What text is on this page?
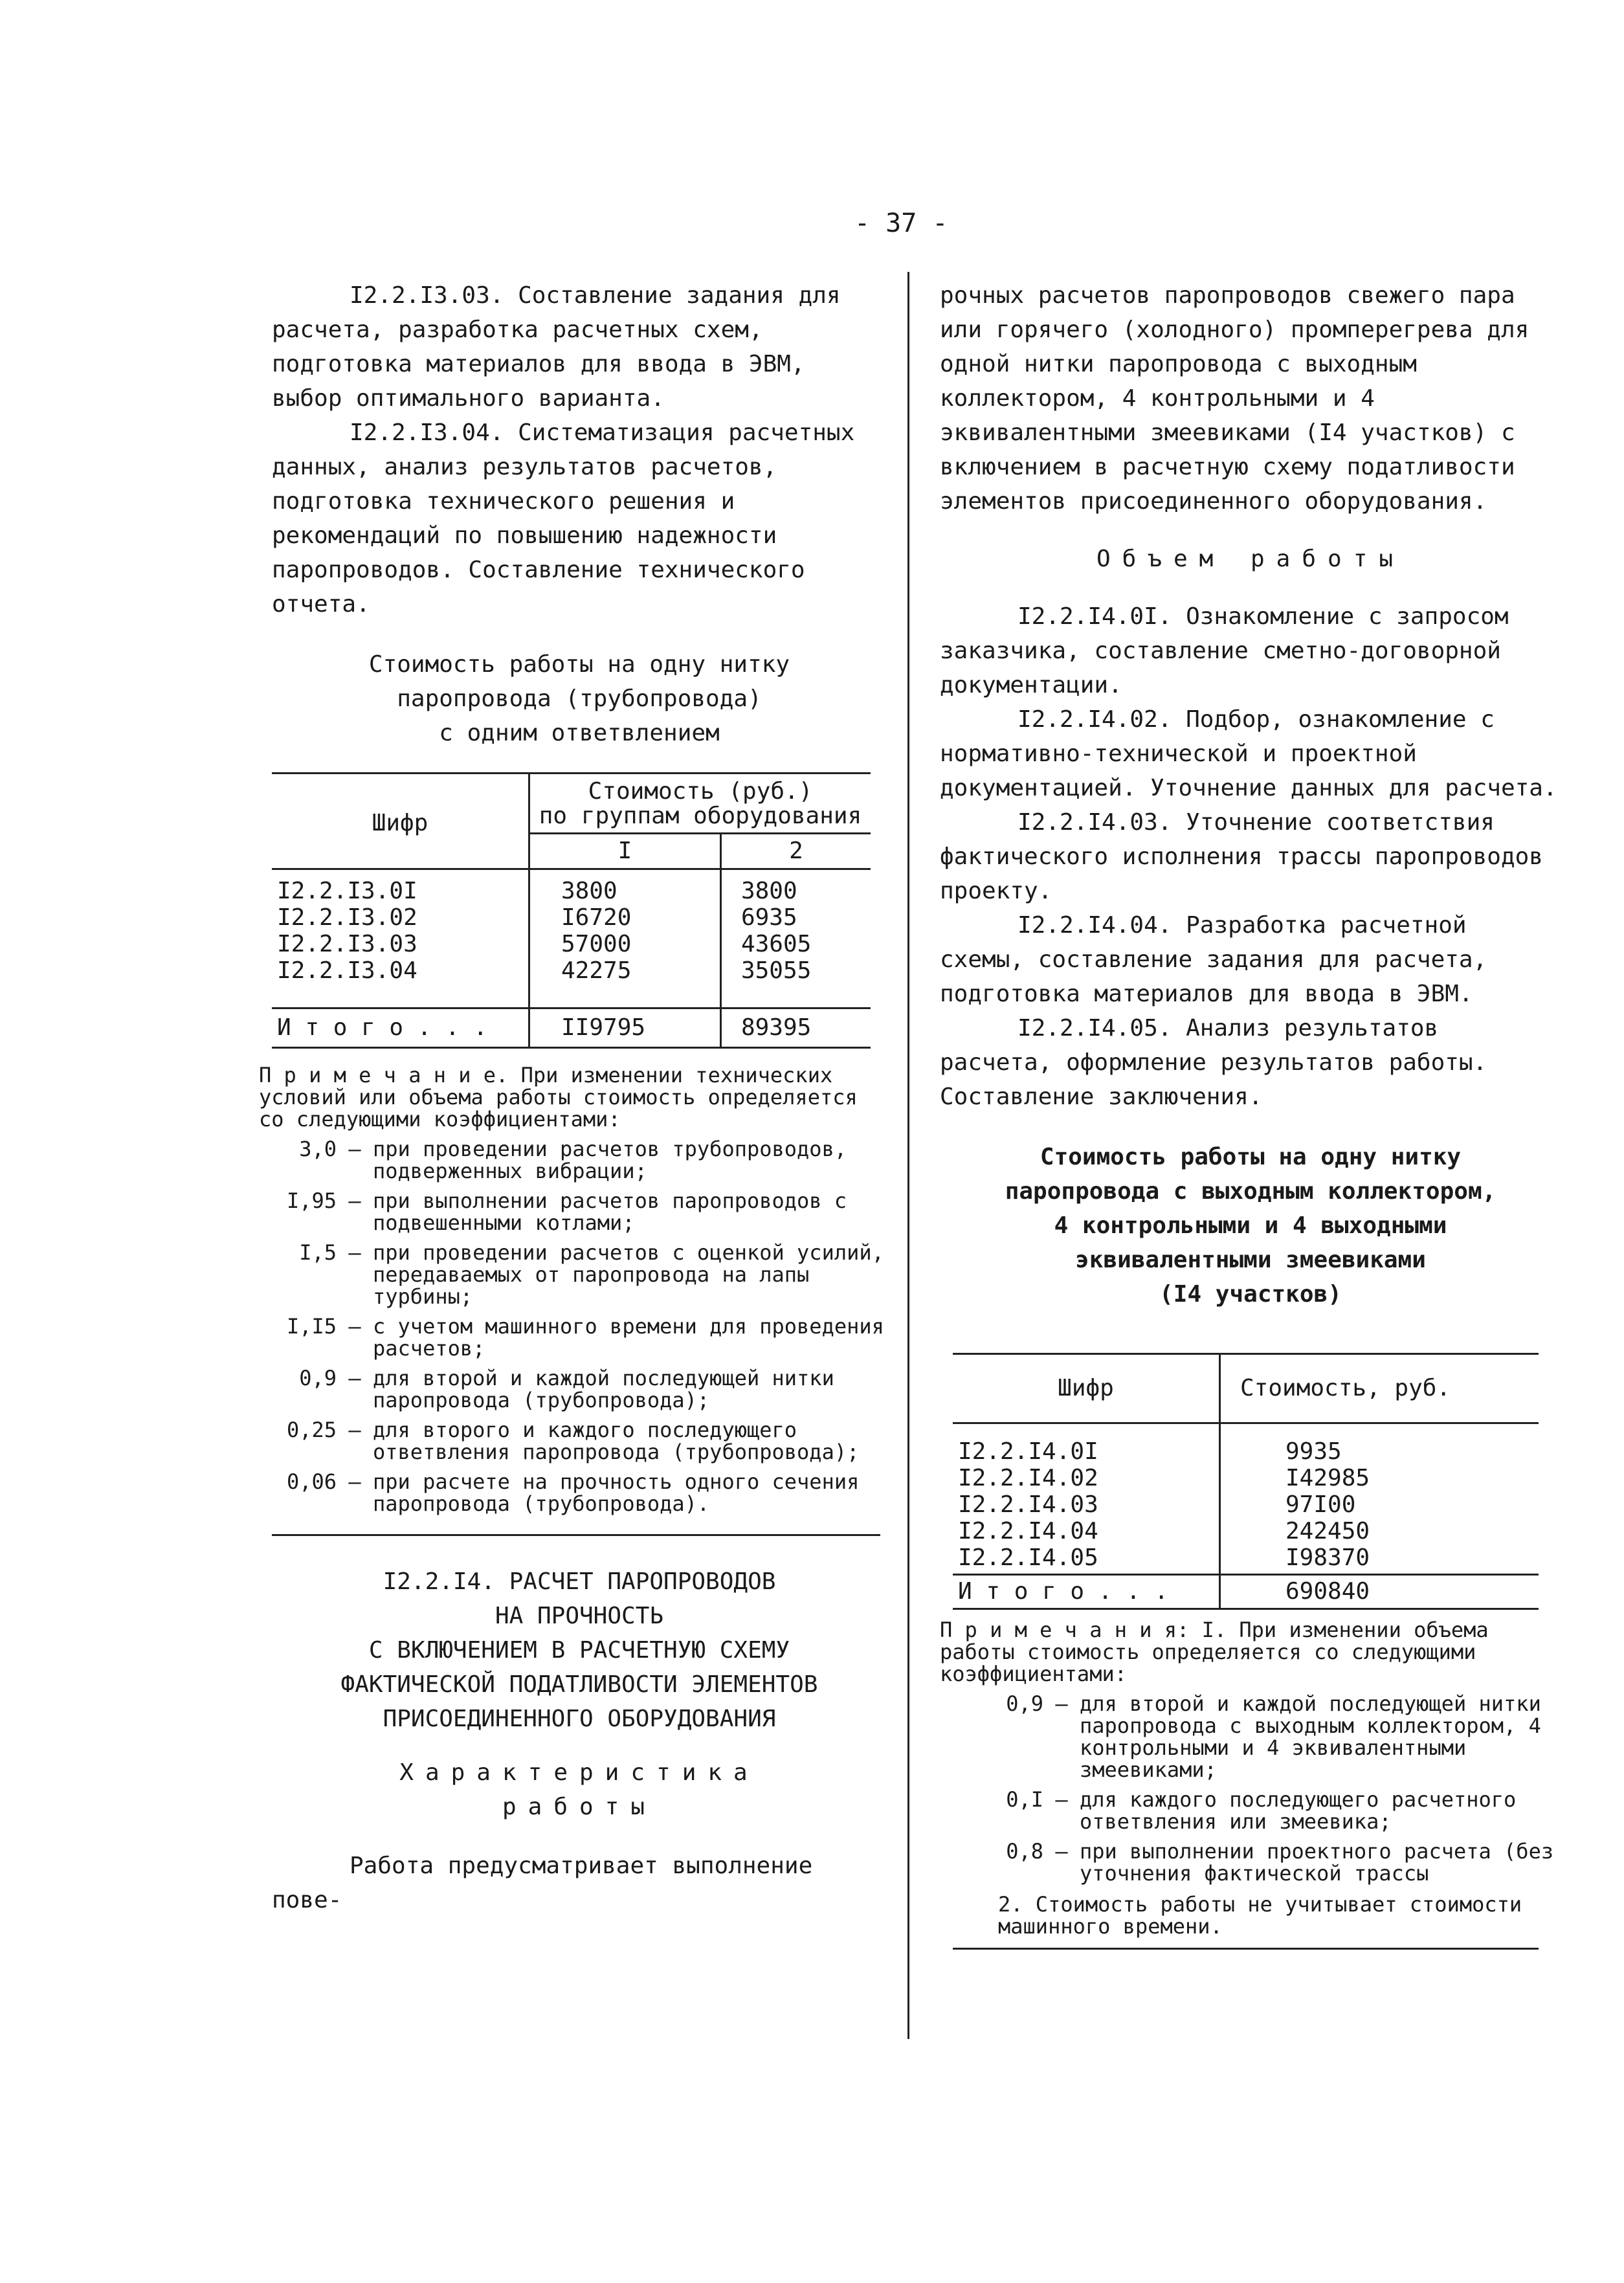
- 37 -

I2.2.I3.03. Составление задания для расчета, разработка расчетных схем, подготовка материалов для ввода в ЭВМ, выбор оптимального варианта.

I2.2.I3.04. Систематизация расчетных данных, анализ результатов расчетов, подготовка технического решения и рекомендаций по повышению надежности паропроводов. Составление технического отчета.

Стоимость работы на одну нитку

паропровода (трубопровода)

с одним ответвлением

Шифр	Стоимость (руб.)
по группам оборудования	

	I	2
I2.2.I3.0I	3800	3800
I2.2.I3.02	I6720	6935
I2.2.I3.03	57000	43605
I2.2.I3.04	42275	35055
И т о г о . . .	II9795	89395

П р и м е ч а н и е. При изменении технических условий или объема работы стоимость определяется со следующими коэффициентами:

3,0 – при проведении расчетов трубопроводов, подверженных вибрации;
I,95 – при выполнении расчетов паропроводов с подвешенными котлами;
I,5 – при проведении расчетов с оценкой усилий, передаваемых от паропровода на лапы турбины;
I,I5 – с учетом машинного времени для проведения расчетов;
0,9 – для второй и каждой последующей нитки паропровода (трубопровода);
0,25 – для второго и каждого последующего ответвления паропровода (трубопровода);
0,06 – при расчете на прочность одного сечения паропровода (трубопровода).

I2.2.I4. РАСЧЕТ ПАРОПРОВОДОВ

НА ПРОЧНОСТЬ

С ВКЛЮЧЕНИЕМ В РАСЧЕТНУЮ СХЕМУ

ФАКТИЧЕСКОЙ ПОДАТЛИВОСТИ ЭЛЕМЕНТОВ

ПРИСОЕДИНЕННОГО ОБОРУДОВАНИЯ

Характеристика

работы

Работа предусматривает выполнение пове-

рочных расчетов паропроводов свежего пара или горячего (холодного) промперегрева для одной нитки паропровода с выходным коллектором, 4 контрольными и 4 эквивалентными змеевиками (I4 участков) с включением в расчетную схему податливости элементов присоединенного оборудования.

Объем работы

I2.2.I4.0I. Ознакомление с запросом заказчика, составление сметно-договорной документации.

I2.2.I4.02. Подбор, ознакомление с нормативно-технической и проектной документацией. Уточнение данных для расчета.

I2.2.I4.03. Уточнение соответствия фактического исполнения трассы паропроводов проекту.

I2.2.I4.04. Разработка расчетной схемы, составление задания для расчета, подготовка материалов для ввода в ЭВМ.

I2.2.I4.05. Анализ результатов расчета, оформление результатов работы. Составление заключения.

Стоимость работы на одну нитку

паропровода с выходным коллектором,

4 контрольными и 4 выходными

эквивалентными змеевиками

(I4 участков)

Шифр	Стоимость, руб.
I2.2.I4.0I	9935
I2.2.I4.02	I42985
I2.2.I4.03	97I00
I2.2.I4.04	242450
I2.2.I4.05	I98370
И т о г о . . .	690840

П р и м е ч а н и я: I. При изменении объема работы стоимость определяется со следующими коэффициентами:

0,9 – для второй и каждой последующей нитки паропровода с выходным коллектором, 4 контрольными и 4 эквивалентными змеевиками;
0,I – для каждого последующего расчетного ответвления или змеевика;
0,8 – при выполнении проектного расчета (без уточнения фактической трассы

2. Стоимость работы не учитывает стоимости машинного времени.
